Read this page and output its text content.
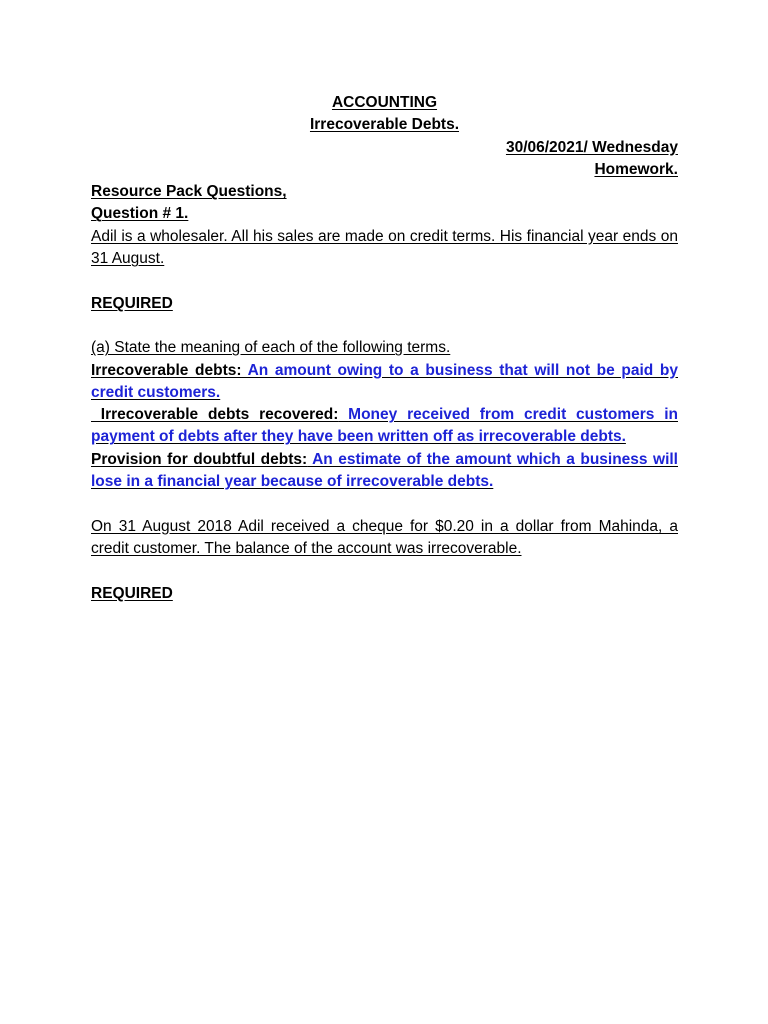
ACCOUNTING

Irrecoverable Debts.

30/06/2021/ Wednesday

Homework.

Resource Pack Questions,

Question # 1.

Adil is a wholesaler. All his sales are made on credit terms. His financial year ends on 31 August.

REQUIRED

(a) State the meaning of each of the following terms.

Irrecoverable debts: An amount owing to a business that will not be paid by credit customers.

Irrecoverable debts recovered: Money received from credit customers in payment of debts after they have been written off as irrecoverable debts.

Provision for doubtful debts: An estimate of the amount which a business will lose in a financial year because of irrecoverable debts.

On 31 August 2018 Adil received a cheque for $0.20 in a dollar from Mahinda, a credit customer. The balance of the account was irrecoverable.

REQUIRED
